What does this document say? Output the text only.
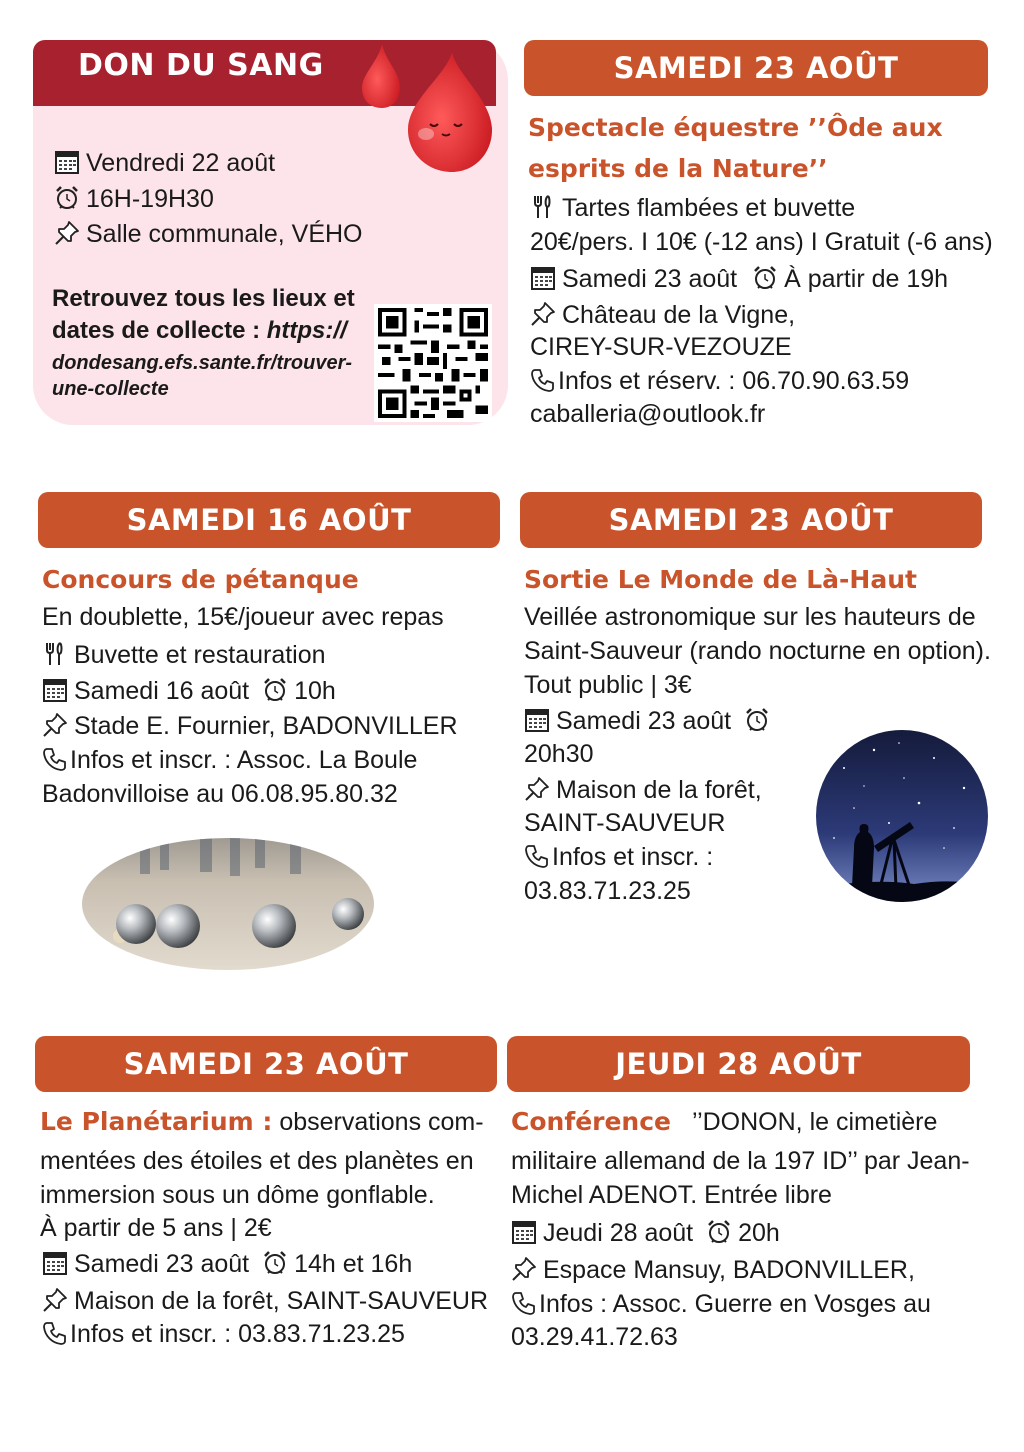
DON DU SANG
Vendredi 22 août
16H-19H30
Salle communale, VÉHO
Retrouvez tous les lieux et
dates de collecte : https://
dondesang.efs.sante.fr/trouver-
une-collecte
SAMEDI 23 AOÛT
Spectacle équestre ’’Ôde aux
esprits de la Nature’’
Tartes flambées et buvette
20€/pers. I 10€ (-12 ans) I Gratuit (-6 ans)
Samedi 23 août À partir de 19h
Château de la Vigne,
CIREY-SUR-VEZOUZE
Infos et réserv. : 06.70.90.63.59
caballeria@outlook.fr
SAMEDI 16 AOÛT
Concours de pétanque
En doublette, 15€/joueur avec repas
Buvette et restauration
Samedi 16 août 10h
Stade E. Fournier, BADONVILLER
Infos et inscr. : Assoc. La Boule
Badonvilloise au 06.08.95.80.32
SAMEDI 23 AOÛT
Sortie Le Monde de Là-Haut
Veillée astronomique sur les hauteurs de
Saint-Sauveur (rando nocturne en option).
Tout public | 3€
Samedi 23 août
20h30
Maison de la forêt,
SAINT-SAUVEUR
Infos et inscr. :
03.83.71.23.25
SAMEDI 23 AOÛT
Le Planétarium : observations com-
mentées des étoiles et des planètes en
immersion sous un dôme gonflable.
À partir de 5 ans | 2€
Samedi 23 août 14h et 16h
Maison de la forêt, SAINT-SAUVEUR
Infos et inscr. : 03.83.71.23.25
JEUDI 28 AOÛT
Conférence ’’DONON, le cimetière
militaire allemand de la 197 ID’’ par Jean-
Michel ADENOT. Entrée libre
Jeudi 28 août 20h
Espace Mansuy, BADONVILLER,
Infos : Assoc. Guerre en Vosges au
03.29.41.72.63
